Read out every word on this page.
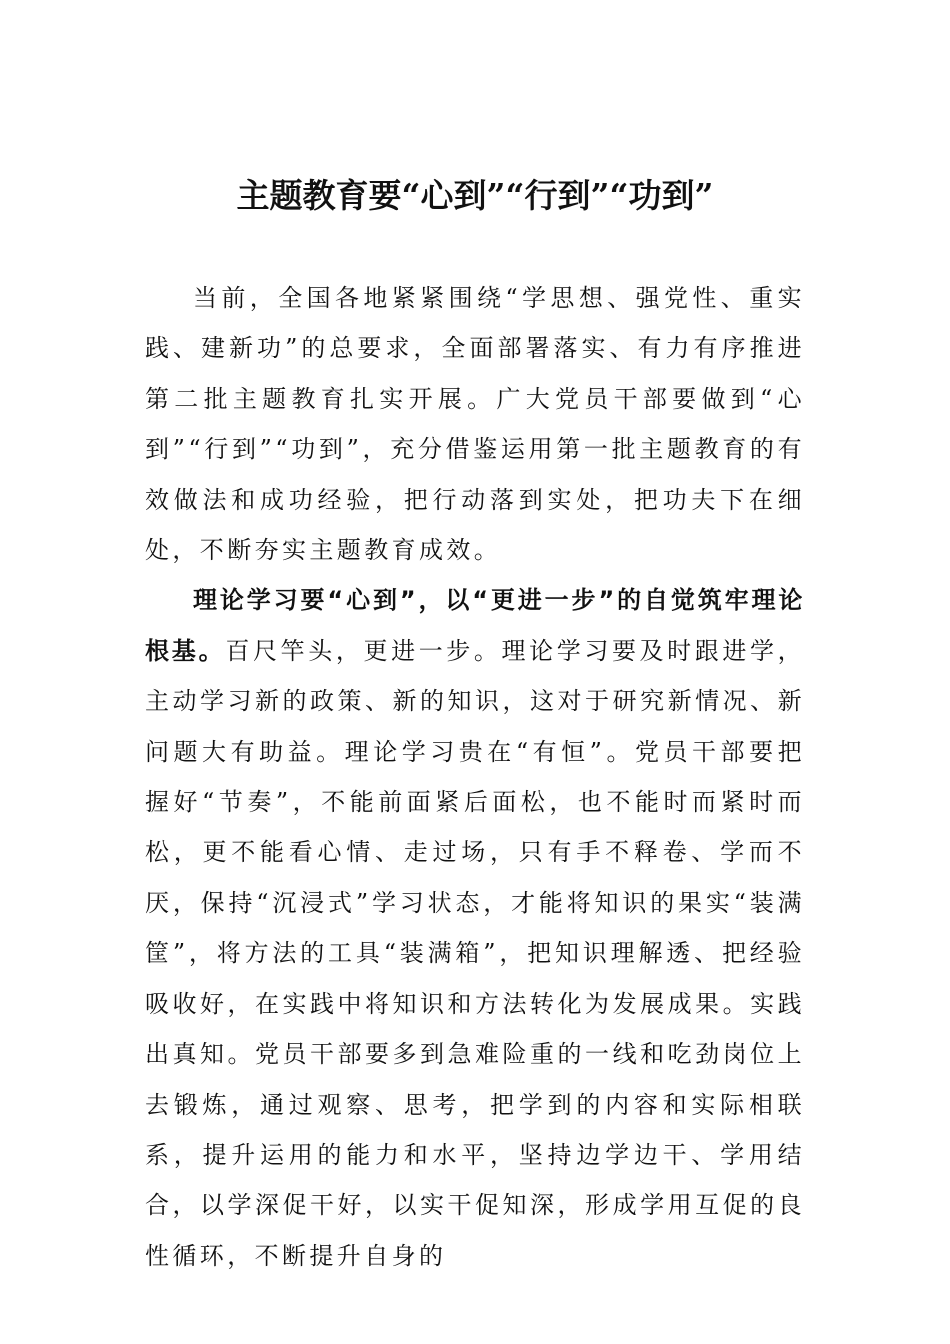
主题教育要“心到”“行到”“功到”

当前，全国各地紧紧围绕“学思想、强党性、重实践、建新功”的总要求，全面部署落实、有力有序推进第二批主题教育扎实开展。广大党员干部要做到“心到”“行到”“功到”，充分借鉴运用第一批主题教育的有效做法和成功经验，把行动落到实处，把功夫下在细处，不断夯实主题教育成效。

理论学习要“心到”，以“更进一步”的自觉筑牢理论根基。百尺竿头，更进一步。理论学习要及时跟进学，主动学习新的政策、新的知识，这对于研究新情况、新问题大有助益。理论学习贵在“有恒”。党员干部要把握好“节奏”，不能前面紧后面松，也不能时而紧时而松，更不能看心情、走过场，只有手不释卷、学而不厌，保持“沉浸式”学习状态，才能将知识的果实“装满筐”，将方法的工具“装满箱”，把知识理解透、把经验吸收好，在实践中将知识和方法转化为发展成果。实践出真知。党员干部要多到急难险重的一线和吃劲岗位上去锻炼，通过观察、思考，把学到的内容和实际相联系，提升运用的能力和水平，坚持边学边干、学用结合，以学深促干好，以实干促知深，形成学用互促的良性循环，不断提升自身的
